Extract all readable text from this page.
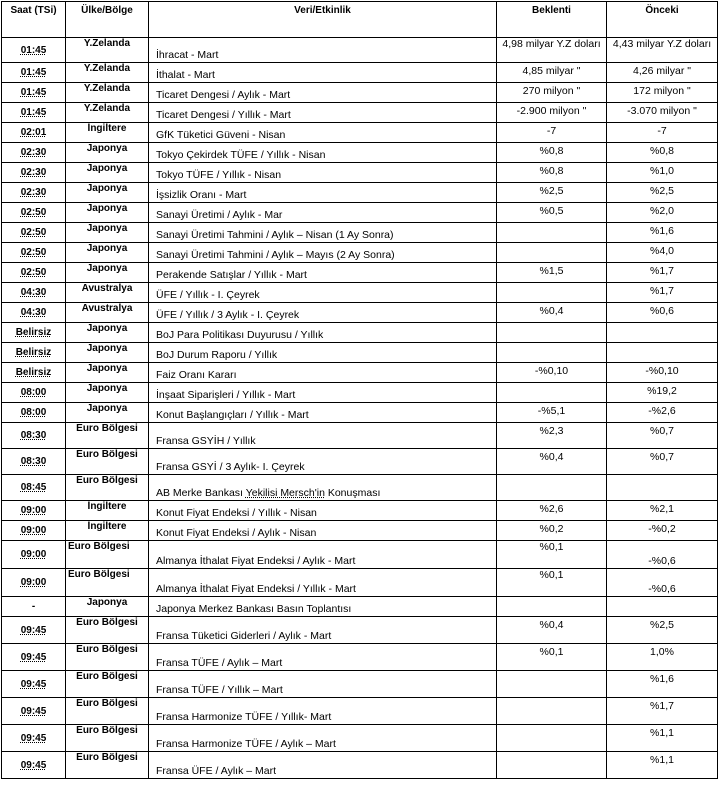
Saat (TSi)	Ülke/Bölge	Veri/Etkinlik	Beklenti	Önceki
01:45	Y.Zelanda	İhracat - Mart	4,98 milyar Y.Z doları	4,43 milyar Y.Z doları
01:45	Y.Zelanda	İthalat - Mart	4,85 milyar "	4,26 milyar "
01:45	Y.Zelanda	Ticaret Dengesi / Aylık - Mart	270 milyon "	172 milyon "
01:45	Y.Zelanda	Ticaret Dengesi / Yıllık - Mart	-2.900 milyon "	-3.070 milyon "
02:01	İngiltere	GfK Tüketici Güveni - Nisan	-7	-7
02:30	Japonya	Tokyo Çekirdek TÜFE / Yıllık - Nisan	%0,8	%0,8
02:30	Japonya	Tokyo TÜFE / Yıllık - Nisan	%0,8	%1,0
02:30	Japonya	İşsizlik Oranı - Mart	%2,5	%2,5
02:50	Japonya	Sanayi Üretimi / Aylık - Mar	%0,5	%2,0
02:50	Japonya	Sanayi Üretimi Tahmini / Aylık – Nisan (1 Ay Sonra)		%1,6
02:50	Japonya	Sanayi Üretimi Tahmini / Aylık – Mayıs (2 Ay Sonra)		%4,0
02:50	Japonya	Perakende Satışlar / Yıllık - Mart	%1,5	%1,7
04:30	Avustralya	ÜFE / Yıllık - I. Çeyrek		%1,7
04:30	Avustralya	ÜFE / Yıllık / 3 Aylık - I. Çeyrek	%0,4	%0,6
Belirsiz	Japonya	BoJ Para Politikası Duyurusu / Yıllık		
Belirsiz	Japonya	BoJ Durum Raporu / Yıllık		
Belirsiz	Japonya	Faiz Oranı Kararı	-%0,10	-%0,10
08:00	Japonya	İnşaat Siparişleri / Yıllık - Mart		%19,2
08:00	Japonya	Konut Başlangıçları / Yıllık - Mart	-%5,1	-%2,6
08:30	Euro Bölgesi	Fransa GSYİH / Yıllık	%2,3	%0,7
08:30	Euro Bölgesi	Fransa GSYİ / 3 Aylık- I. Çeyrek	%0,4	%0,7
08:45	Euro Bölgesi	AB Merke Bankası Yekilisi Mersch'in Konuşması		
09:00	İngiltere	Konut Fiyat Endeksi / Yıllık - Nisan	%2,6	%2,1
09:00	İngiltere	Konut Fiyat Endeksi / Aylık - Nisan	%0,2	-%0,2
09:00	Euro Bölgesi	Almanya İthalat Fiyat Endeksi / Aylık - Mart	%0,1	-%0,6
09:00	Euro Bölgesi	Almanya İthalat Fiyat Endeksi / Yıllık - Mart	%0,1	-%0,6
-	Japonya	Japonya Merkez Bankası Basın Toplantısı		
09:45	Euro Bölgesi	Fransa Tüketici Giderleri / Aylık - Mart	%0,4	%2,5
09:45	Euro Bölgesi	Fransa TÜFE / Aylık – Mart	%0,1	1,0%
09:45	Euro Bölgesi	Fransa TÜFE / Yıllık – Mart		%1,6
09:45	Euro Bölgesi	Fransa Harmonize TÜFE / Yıllık- Mart		%1,7
09:45	Euro Bölgesi	Fransa Harmonize TÜFE / Aylık – Mart		%1,1
09:45	Euro Bölgesi	Fransa ÜFE / Aylık – Mart		%1,1
